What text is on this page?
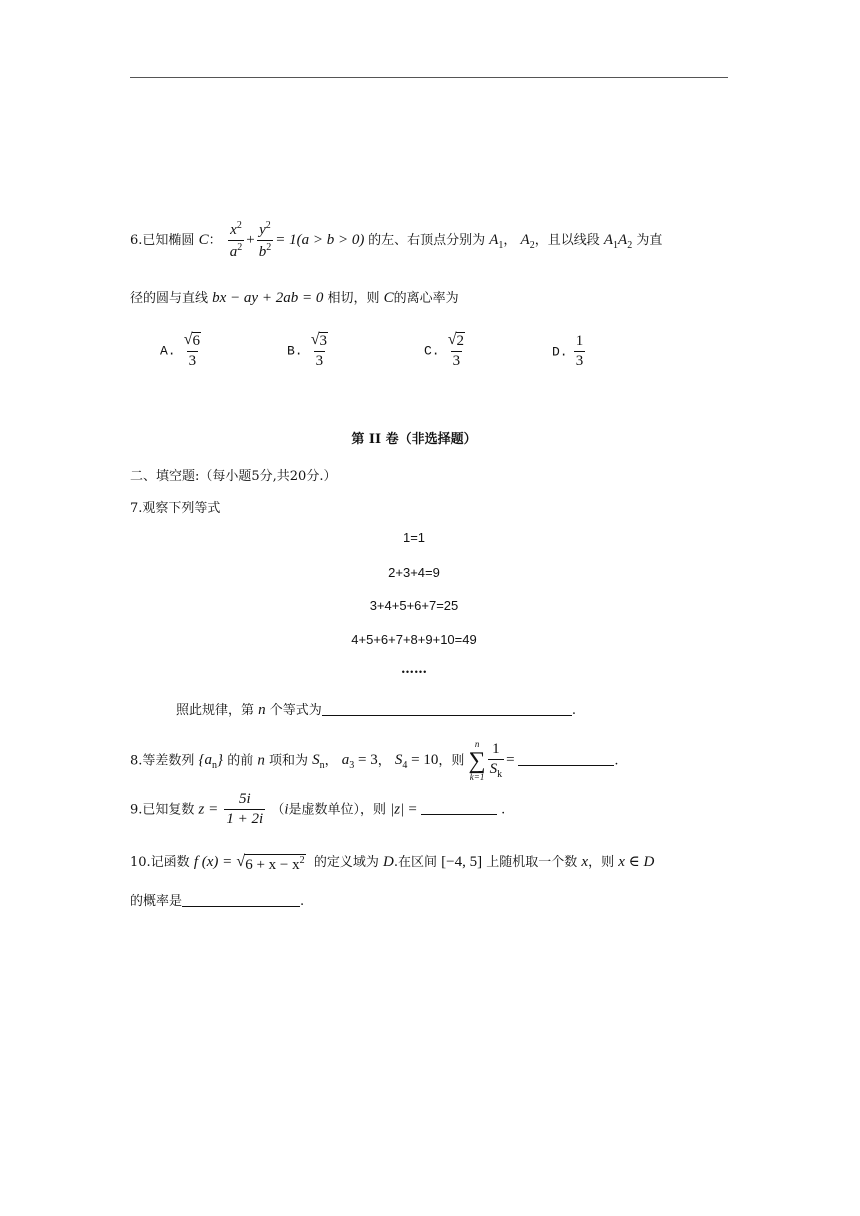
6.已知椭圆 C： $\frac{x^2}{a^2} + \frac{y^2}{b^2} = 1(a > b > 0)$ 的左、右顶点分别为 $A_1$， $A_2$，且以线段 $A_1A_2$ 为直
径的圆与直线 bx − ay + 2ab = 0 相切，则 C的离心率为
A. $\frac{√ 6}{3}$	B. $\frac{√ 3}{3}$	C. $\frac{√ 2}{3}$	D. $\frac{1}{3}$
第 II 卷（非选择题）
二、填空题:（每小题5分,共20分.）
7.观察下列等式
1=1
2+3+4=9
3+4+5+6+7=25
4+5+6+7+8+9+10=49
……
照此规律，第 n 个等式为	.
8.等差数列 $\{a_n\}$ 的前 n 项和为 $S_n$， $a_3 = 3$， $S_4 = 10$，则
n
∑
$k=1 \frac{1}{S_k}$ =	.
9.已知复数 $z = \frac{5i}{1 + 2i} (i$是虚数单位），则 |z| =	.
10.记函数 f (x) = √ $6 + x - x^2$ 的定义域为 D.在区间 [−4, 5] 上随机取一个数 x，则 x ∈ D
的概率是	.
